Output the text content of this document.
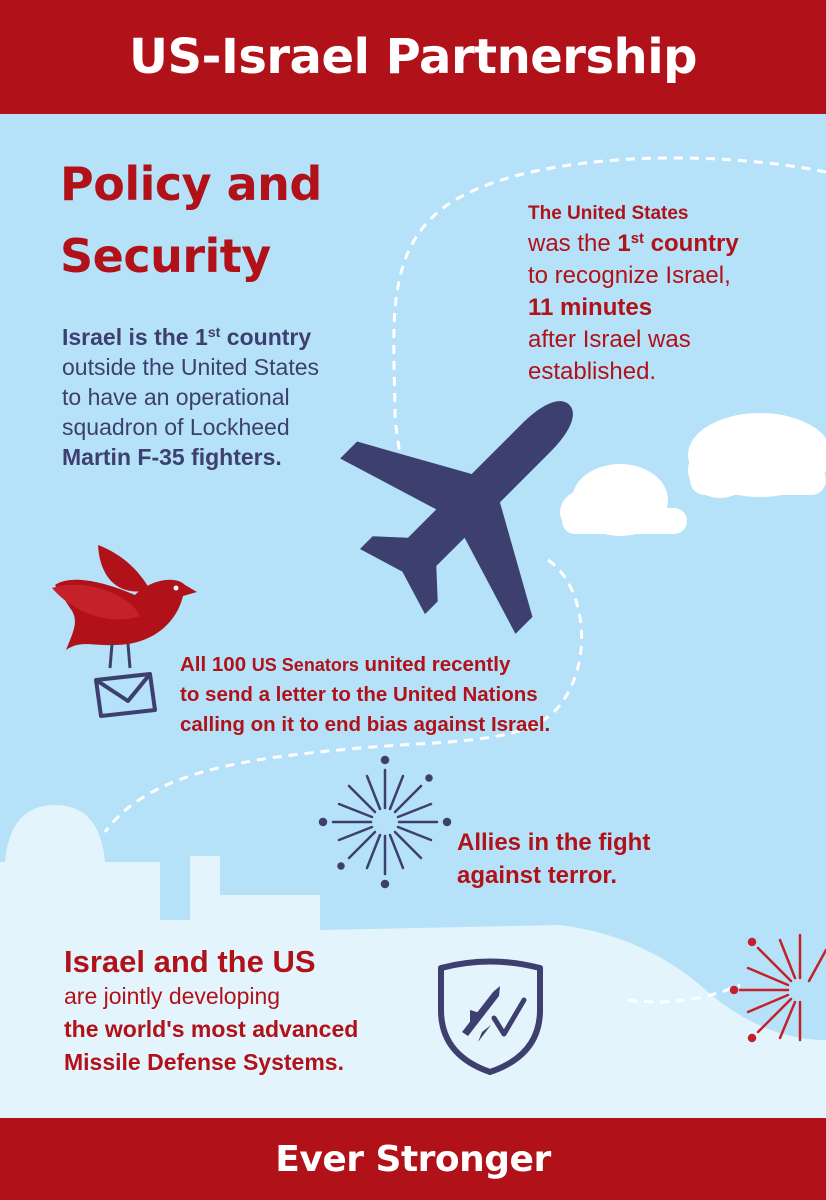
US-Israel Partnership
Policy and
Security

Israel is the 1st country
outside the United States
to have an operational
squadron of Lockheed
Martin F-35 fighters.

The United States
was the 1st country
to recognize Israel,
11 minutes
after Israel was
established.

All 100 US Senators united recently
to send a letter to the United Nations
calling on it to end bias against Israel.

Allies in the fight
against terror.

Israel and the US
are jointly developing
the world's most advanced
Missile Defense Systems.

Ever Stronger
